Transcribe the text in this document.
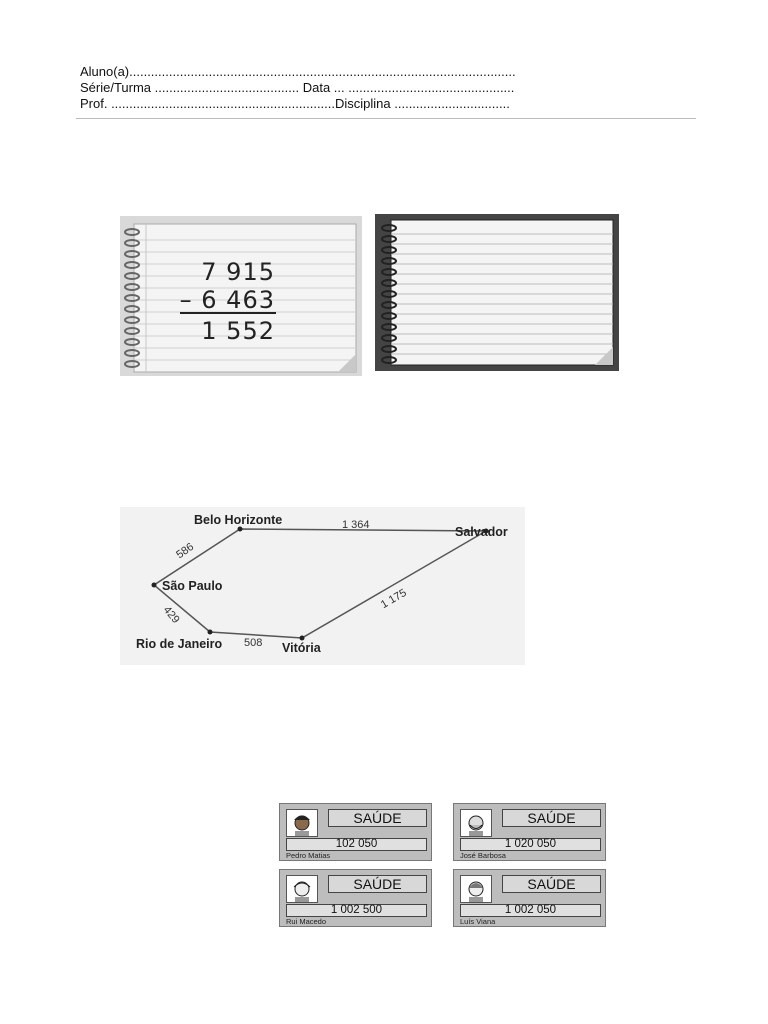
Aluno(a)...........................................................................................................
Série/Turma ........................................ Data ... ..............................................
Prof. ..............................................................Disciplina ................................
7 915
– 6 463
1 552
Belo Horizonte
Salvador
São Paulo
Rio de Janeiro	Vitória
1 364
586
429
508
1 175
SAÚDE
102 050
Pedro Matias
SAÚDE
1 020 050
José Barbosa
SAÚDE
1 002 500
Rui Macedo
SAÚDE
1 002 050
Luís Viana
